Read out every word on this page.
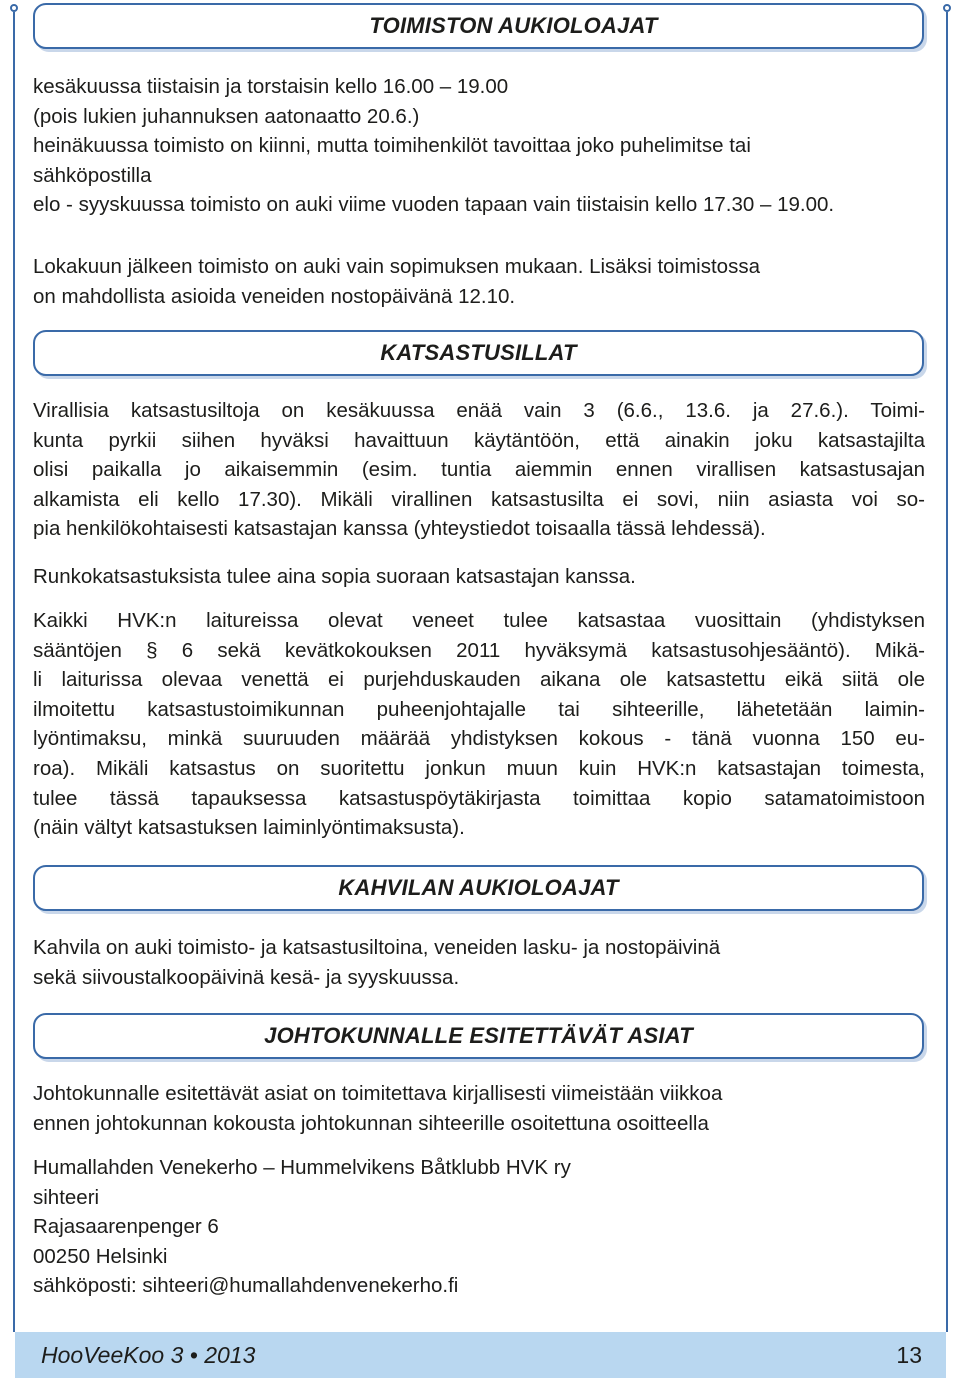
TOIMISTON AUKIOLOAJAT
kesäkuussa tiistaisin ja torstaisin kello 16.00 – 19.00
(pois lukien juhannuksen aatonaatto 20.6.)
heinäkuussa toimisto on kiinni, mutta toimihenkilöt tavoittaa joko puhelimitse tai
sähköpostilla
elo - syyskuussa toimisto on auki viime vuoden tapaan vain tiistaisin kello 17.30 – 19.00.
Lokakuun jälkeen toimisto on auki vain sopimuksen mukaan. Lisäksi toimistossa
on mahdollista asioida veneiden nostopäivänä 12.10.
KATSASTUSILLAT
Virallisia katsastusiltoja on kesäkuussa enää vain 3 (6.6., 13.6. ja 27.6.). Toimi-
kunta pyrkii siihen hyväksi havaittuun käytäntöön, että ainakin joku katsastajilta
olisi paikalla jo aikaisemmin (esim. tuntia aiemmin ennen virallisen katsastusajan
alkamista eli kello 17.30). Mikäli virallinen katsastusilta ei sovi, niin asiasta voi so-
pia henkilökohtaisesti katsastajan kanssa (yhteystiedot toisaalla tässä lehdessä).
Runkokatsastuksista tulee aina sopia suoraan katsastajan kanssa.
Kaikki HVK:n laitureissa olevat veneet tulee katsastaa vuosittain (yhdistyksen
sääntöjen § 6 sekä kevätkokouksen 2011 hyväksymä katsastusohjesääntö). Mikä-
li laiturissa olevaa venettä ei purjehduskauden aikana ole katsastettu eikä siitä ole
ilmoitettu katsastustoimikunnan puheenjohtajalle tai sihteerille, lähetetään laimin-
lyöntimaksu, minkä suuruuden määrää yhdistyksen kokous - tänä vuonna 150 eu-
roa). Mikäli katsastus on suoritettu jonkun muun kuin HVK:n katsastajan toimesta,
tulee tässä tapauksessa katsastuspöytäkirjasta toimittaa kopio satamatoimistoon
(näin vältyt katsastuksen laiminlyöntimaksusta).
KAHVILAN AUKIOLOAJAT
Kahvila on auki toimisto- ja katsastusiltoina, veneiden lasku- ja nostopäivinä
sekä siivoustalkoopäivinä kesä- ja syyskuussa.
JOHTOKUNNALLE ESITETTÄVÄT ASIAT
Johtokunnalle esitettävät asiat on toimitettava kirjallisesti viimeistään viikkoa
ennen johtokunnan kokousta johtokunnan sihteerille osoitettuna osoitteella
Humallahden Venekerho – Hummelvikens Båtklubb HVK ry
sihteeri
Rajasaarenpenger 6
00250 Helsinki
sähköposti: sihteeri@humallahdenvenekerho.fi
HooVeeKoo 3 • 2013	13
